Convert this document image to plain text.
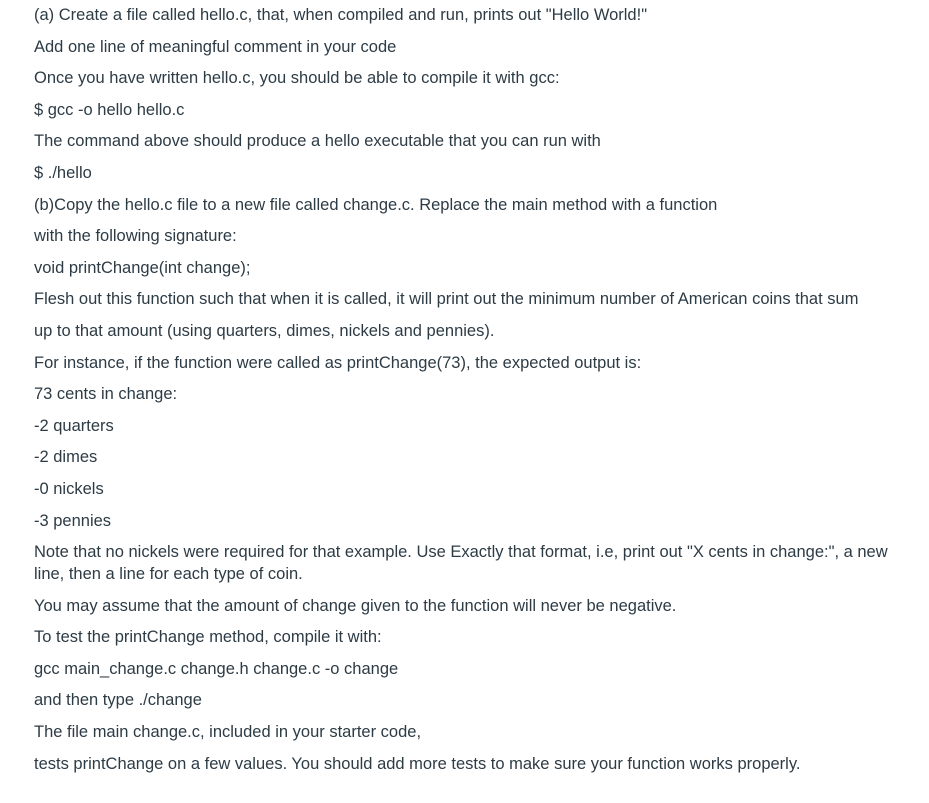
(a) Create a file called hello.c, that, when compiled and run, prints out "Hello World!"

Add one line of meaningful comment in your code

Once you have written hello.c, you should be able to compile it with gcc:

$ gcc -o hello hello.c

The command above should produce a hello executable that you can run with

$ ./hello

(b)Copy the hello.c file to a new file called change.c. Replace the main method with a function

with the following signature:

void printChange(int change);

Flesh out this function such that when it is called, it will print out the minimum number of American coins that sum

up to that amount (using quarters, dimes, nickels and pennies).

For instance, if the function were called as printChange(73), the expected output is:

73 cents in change:

-2 quarters

-2 dimes

-0 nickels

-3 pennies

Note that no nickels were required for that example. Use Exactly that format, i.e, print out "X cents in change:", a new line, then a line for each type of coin.

You may assume that the amount of change given to the function will never be negative.

To test the printChange method, compile it with:

gcc main_change.c change.h change.c -o change

and then type ./change

The file main change.c, included in your starter code,

tests printChange on a few values. You should add more tests to make sure your function works properly.
